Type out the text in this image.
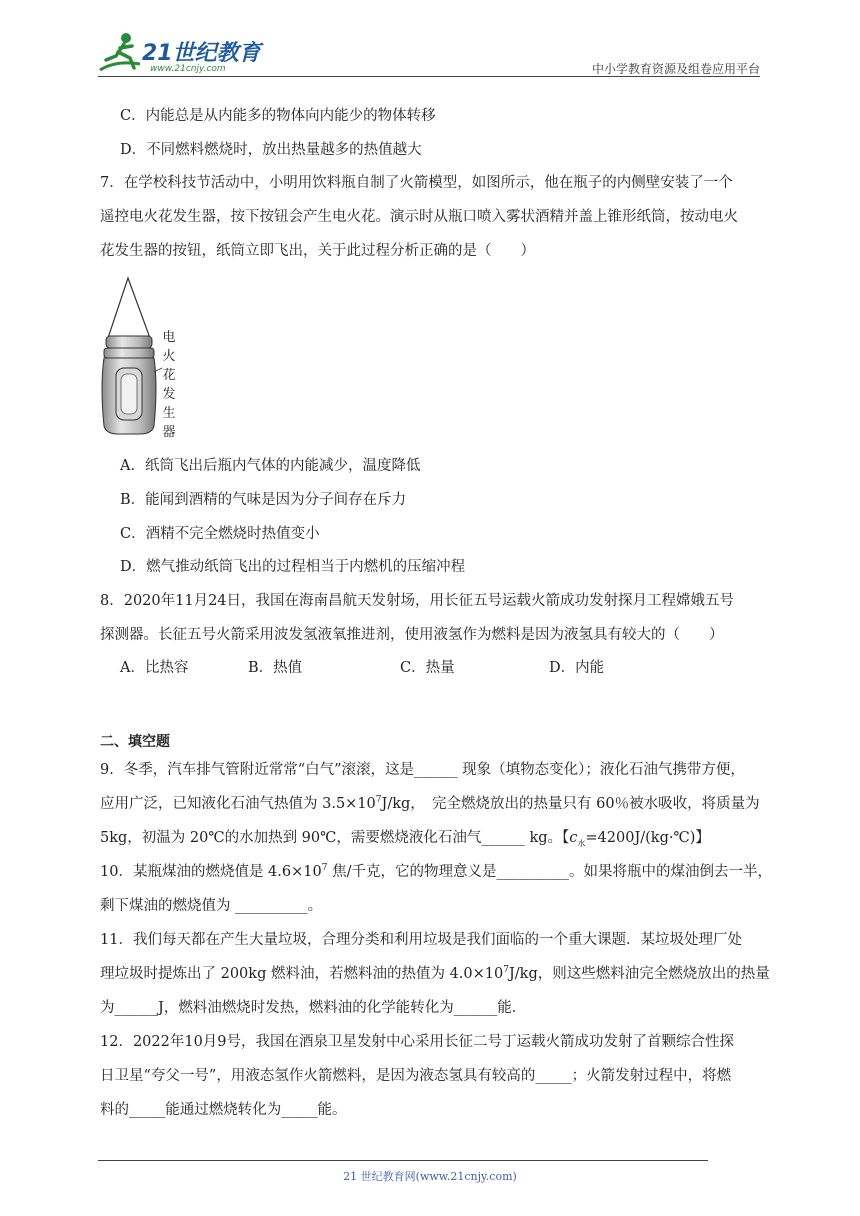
21世纪教育
www.21cnjy.com	中小学教育资源及组卷应用平台
C．内能总是从内能多的物体向内能少的物体转移
D．不同燃料燃烧时，放出热量越多的热值越大
7．在学校科技节活动中，小明用饮料瓶自制了火箭模型，如图所示，他在瓶子的内侧壁安装了一个
遥控电火花发生器，按下按钮会产生电火花。演示时从瓶口喷入雾状酒精并盖上锥形纸筒，按动电火
花发生器的按钮，纸筒立即飞出，关于此过程分析正确的是（　　）
电火花发生器
A．纸筒飞出后瓶内气体的内能减少，温度降低
B．能闻到酒精的气味是因为分子间存在斥力
C．酒精不完全燃烧时热值变小
D．燃气推动纸筒飞出的过程相当于内燃机的压缩冲程
8．2020年11月24日，我国在海南昌航天发射场，用长征五号运载火箭成功发射探月工程嫦娥五号
探测器。长征五号火箭采用波发氢液氧推进剂，使用液氢作为燃料是因为液氢具有较大的（　　）
A．比热容	B．热值	C．热量	D．内能
二、填空题
9．冬季，汽车排气管附近常常“白气”滚滚，这是______ 现象（填物态变化）；液化石油气携带方便，
应用广泛，已知液化石油气热值为 $3.5\times 10^7J/kg$，　完全燃烧放出的热量只有 60％被水吸收，将质量为
5kg，初温为 20℃的水加热到 90℃，需要燃烧液化石油气______ kg。【$c_水=4200J/(kg\cdot℃)$】
10．某瓶煤油的燃烧值是 $4.6\times 10^7$ 焦/千克，它的物理意义是__________。如果将瓶中的煤油倒去一半，
剩下煤油的燃烧值为 __________。
11．我们每天都在产生大量垃圾，合理分类和利用垃圾是我们面临的一个重大课题．某垃圾处理厂处
理垃圾时提炼出了 200kg 燃料油，若燃料油的热值为 $4.0\times 10^7J/kg$，则这些燃料油完全燃烧放出的热量
为______J，燃料油燃烧时发热，燃料油的化学能转化为______能．
12．2022年10月9号，我国在酒泉卫星发射中心采用长征二号丁运载火箭成功发射了首颗综合性探
日卫星“夸父一号”，用液态氢作火箭燃料，是因为液态氢具有较高的_____；火箭发射过程中，将燃
料的_____能通过燃烧转化为_____能。
21 世纪教育网(www.21cnjy.com)
